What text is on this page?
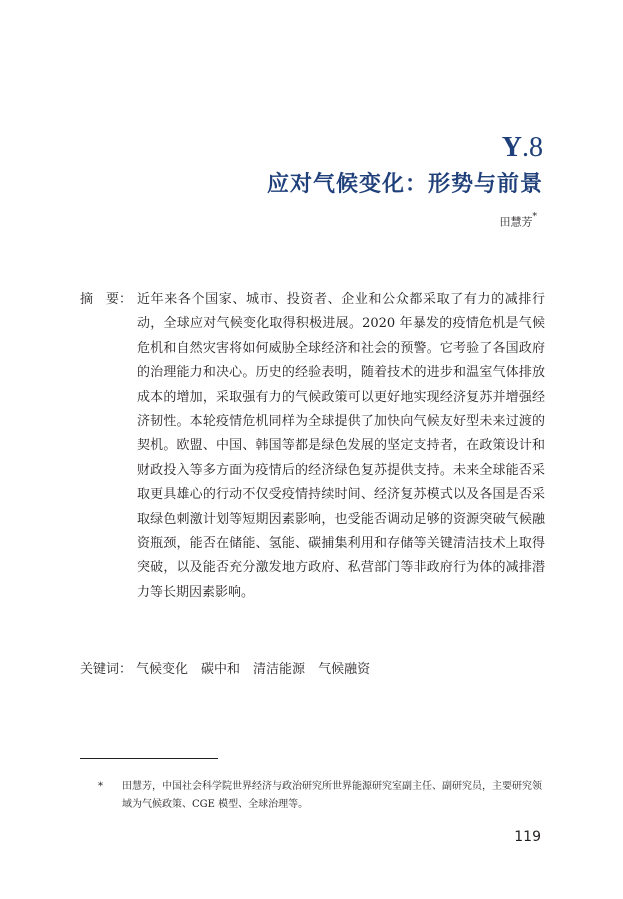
Y.8
应对气候变化：形势与前景
田慧芳*
摘　要： 近年来各个国家、城市、投资者、企业和公众都采取了有力的减排行动，全球应对气候变化取得积极进展。2020 年暴发的疫情危机是气候危机和自然灾害将如何威胁全球经济和社会的预警。它考验了各国政府的治理能力和决心。历史的经验表明，随着技术的进步和温室气体排放成本的增加，采取强有力的气候政策可以更好地实现经济复苏并增强经济韧性。本轮疫情危机同样为全球提供了加快向气候友好型未来过渡的契机。欧盟、中国、韩国等都是绿色发展的坚定支持者，在政策设计和财政投入等多方面为疫情后的经济绿色复苏提供支持。未来全球能否采取更具雄心的行动不仅受疫情持续时间、经济复苏模式以及各国是否采取绿色刺激计划等短期因素影响，也受能否调动足够的资源突破气候融资瓶颈，能否在储能、氢能、碳捕集利用和存储等关键清洁技术上取得突破，以及能否充分激发地方政府、私营部门等非政府行为体的减排潜力等长期因素影响。
关键词： 气候变化 碳中和 清洁能源 气候融资
* 田慧芳，中国社会科学院世界经济与政治研究所世界能源研究室副主任、副研究员，主要研究领域为气候政策、CGE 模型、全球治理等。
119
